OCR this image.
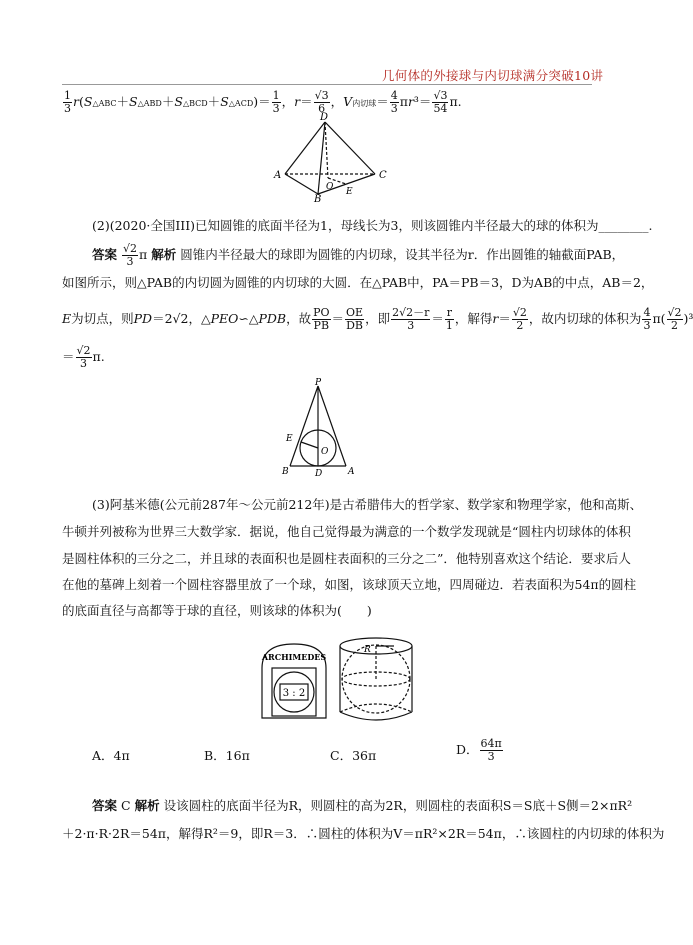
几何体的外接球与内切球满分突破10讲
$\frac{1}{3}$ r(S△ABC＋S△ABD＋S△BCD＋S△ACD)＝ $\frac{1}{3}$ ，$r= \frac{√3}{6}$ ，V内切球＝ $\frac{4}{3} \pi r^3= \frac{√3}{54} \pi$.
D
A
B
C
O E
(2)(2020·全国III)已知圆锥的底面半径为1，母线长为3，则该圆锥内半径最大的球的体积为________.
答案 $\frac{√2}{3}$ π 解析 圆锥内半径最大的球即为圆锥的内切球，设其半径为r．作出圆锥的轴截面PAB，
如图所示，则△PAB的内切圆为圆锥的内切球的大圆．在△PAB中，PA＝PB＝3，D为AB的中点，AB＝2，
E为切点，则PD＝2√2，△PEO∽△PDB，故 $\frac{PO}{PB} = \frac{OE}{DB}$ ，即 $\frac{2√2-r}{3} = \frac{r}{1}$ ，解得$r= \frac{√2}{2}$ ，故内切球的体积为 $\frac{4}{3} \pi( \frac{√2}{2} )^3$
＝ $\frac{√2}{3} \pi$.
P
E
O
B	D	A
(3)阿基米德(公元前287年～公元前212年)是古希腊伟大的哲学家、数学家和物理学家，他和高斯、
牛顿并列被称为世界三大数学家．据说，他自己觉得最为满意的一个数学发现就是“圆柱内切球体的体积
是圆柱体积的三分之二，并且球的表面积也是圆柱表面积的三分之二”．他特别喜欢这个结论．要求后人
在他的墓碑上刻着一个圆柱容器里放了一个球，如图，该球顶天立地，四周碰边．若表面积为54π的圆柱
的底面直径与高都等于球的直径，则该球的体积为(　　)
ARCHIMEDES
3 : 2
R
A．4π	B．16π	C．36π	D． $\frac{64\pi}{3}$
答案 C 解析 设该圆柱的底面半径为R，则圆柱的高为2R，则圆柱的表面积S＝S底＋S侧＝2×πR²
＋2·π·R·2R＝54π，解得R²＝9，即R＝3．∴圆柱的体积为V＝πR²×2R＝54π，∴该圆柱的内切球的体积为
